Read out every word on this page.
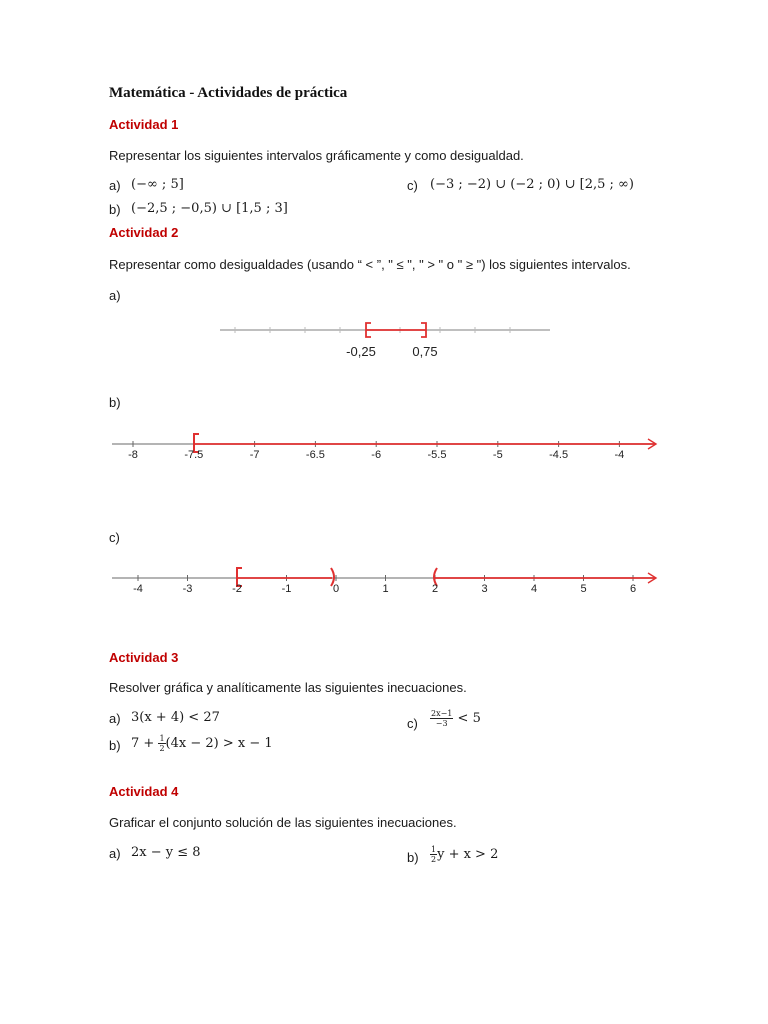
Matemática - Actividades de práctica
Actividad 1
Representar los siguientes intervalos gráficamente y como desigualdad.
a) (−∞ ; 5]	c) (−3 ; −2) ∪ (−2 ; 0) ∪ [2,5 ; ∞)
b) (−2,5 ; −0,5) ∪ [1,5 ; 3]
Actividad 2
Representar como desigualdades (usando “ < ”, " ≤ ", " > " o " ≥ ") los siguientes intervalos.
a)
-0,25	0,75
b)
-8	-7.5	-7	-6.5	-6	-5.5	-5	-4.5	-4
c)
-4	-3	-2	-1	0	1	2	3	4	5	6
Actividad 3
Resolver gráfica y analíticamente las siguientes inecuaciones.
a) 3(x + 4) < 27
b) $7 + \frac{1}{2} (4x - 2) > x - 1$
$c) \frac{2x-1}{-3} < 5$
Actividad 4
Graficar el conjunto solución de las siguientes inecuaciones.
a) 2x − y ≤ 8	$b) \frac{1}{2}$ y + x > 2
